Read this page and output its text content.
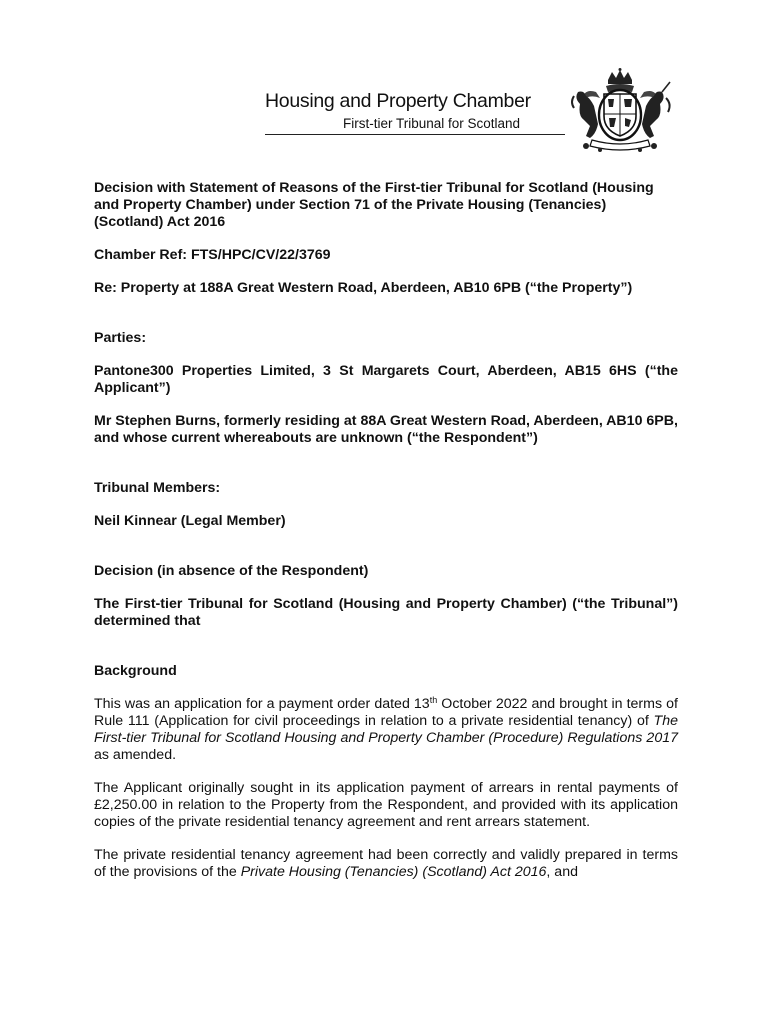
Housing and Property Chamber
First-tier Tribunal for Scotland

Decision with Statement of Reasons of the First-tier Tribunal for Scotland (Housing and Property Chamber) under Section 71 of the Private Housing (Tenancies) (Scotland) Act 2016

Chamber Ref: FTS/HPC/CV/22/3769

Re: Property at 188A Great Western Road, Aberdeen, AB10 6PB (“the Property”)

Parties:

Pantone300 Properties Limited, 3 St Margarets Court, Aberdeen, AB15 6HS (“the Applicant”)

Mr Stephen Burns, formerly residing at 88A Great Western Road, Aberdeen, AB10 6PB, and whose current whereabouts are unknown (“the Respondent”)

Tribunal Members:

Neil Kinnear (Legal Member)

Decision (in absence of the Respondent)

The First-tier Tribunal for Scotland (Housing and Property Chamber) (“the Tribunal”) determined that

Background

This was an application for a payment order dated 13th October 2022 and brought in terms of Rule 111 (Application for civil proceedings in relation to a private residential tenancy) of The First-tier Tribunal for Scotland Housing and Property Chamber (Procedure) Regulations 2017 as amended.

The Applicant originally sought in its application payment of arrears in rental payments of £2,250.00 in relation to the Property from the Respondent, and provided with its application copies of the private residential tenancy agreement and rent arrears statement.

The private residential tenancy agreement had been correctly and validly prepared in terms of the provisions of the Private Housing (Tenancies) (Scotland) Act 2016, and
